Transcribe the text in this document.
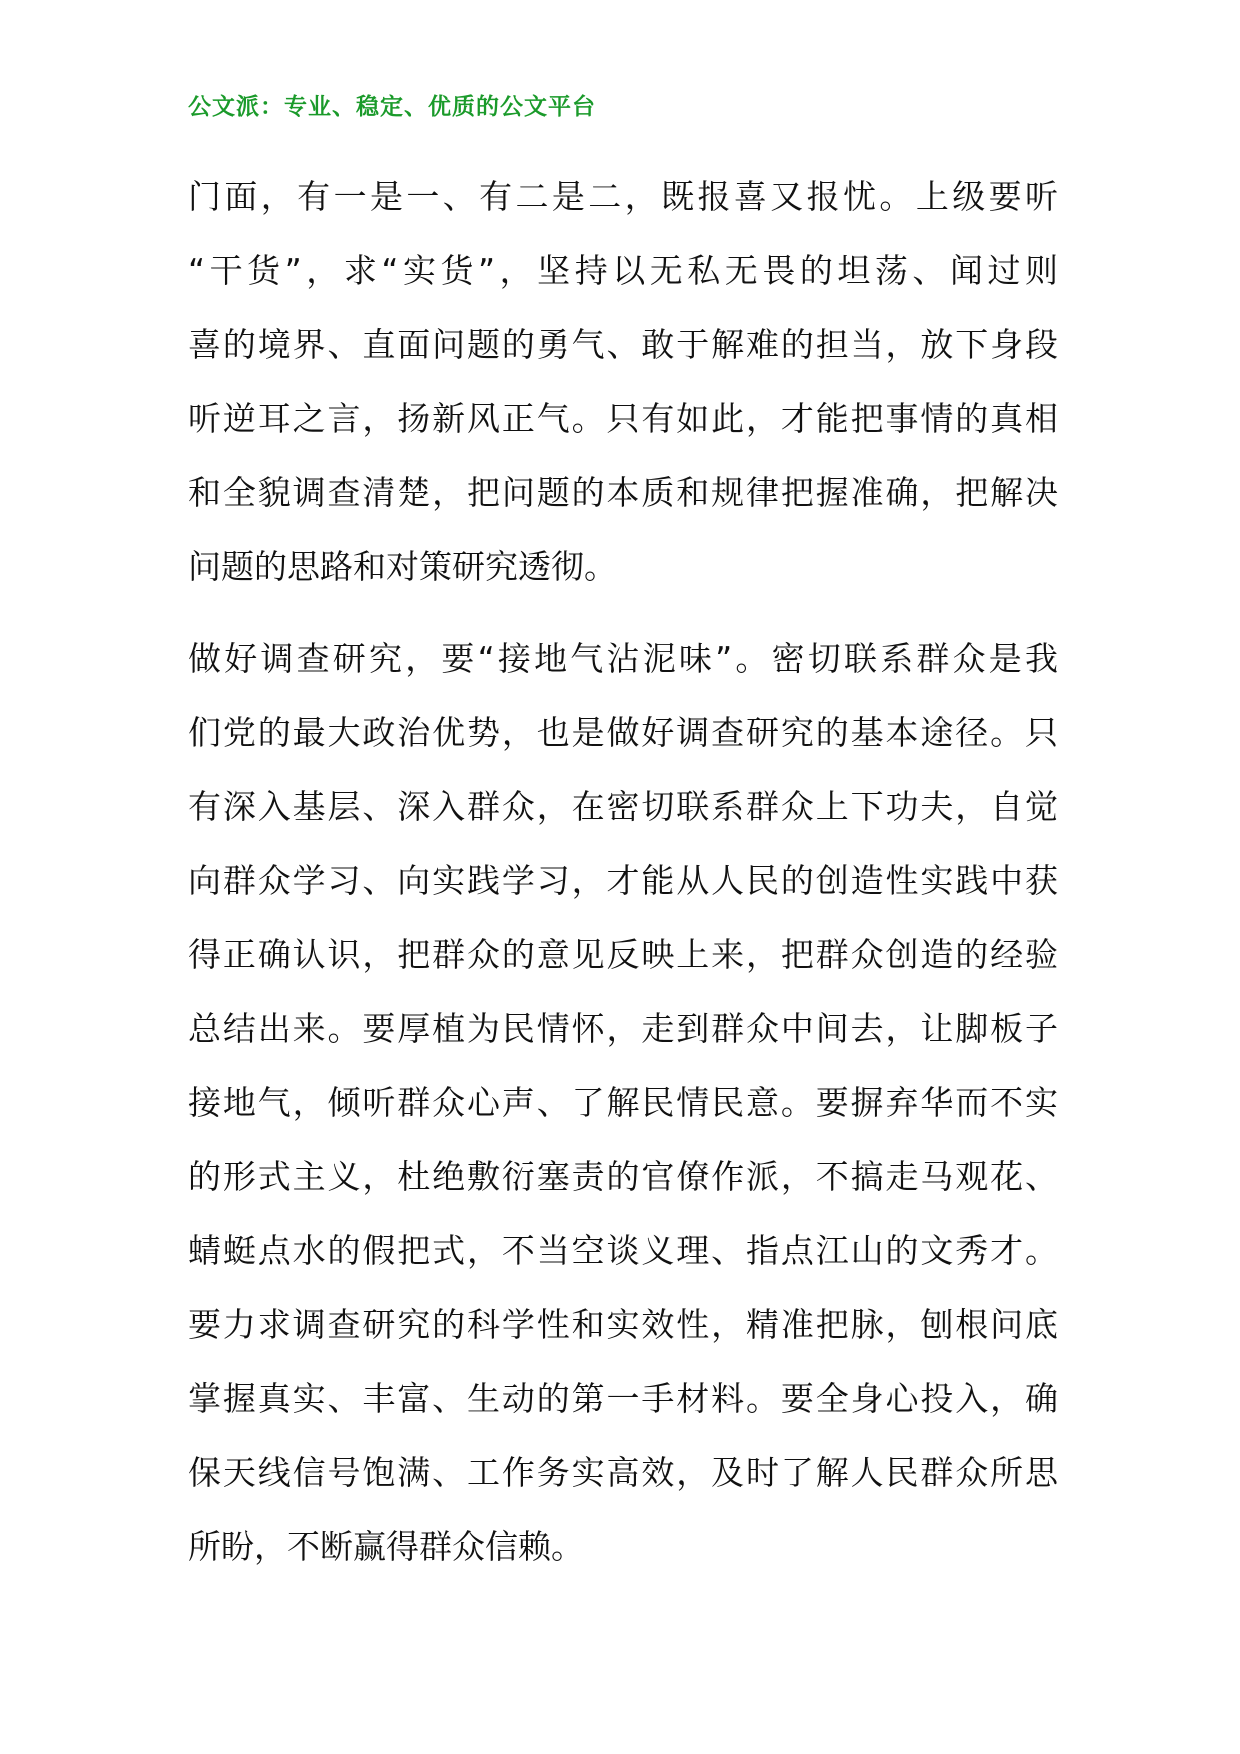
公文派：专业、稳定、优质的公文平台
门面，有一是一、有二是二，既报喜又报忧。上级要听
“干货”，求“实货”，坚持以无私无畏的坦荡、闻过则
喜的境界、直面问题的勇气、敢于解难的担当，放下身段
听逆耳之言，扬新风正气。只有如此，才能把事情的真相
和全貌调查清楚，把问题的本质和规律把握准确，把解决
问题的思路和对策研究透彻。
做好调查研究，要“接地气沾泥味”。密切联系群众是我
们党的最大政治优势，也是做好调查研究的基本途径。只
有深入基层、深入群众，在密切联系群众上下功夫，自觉
向群众学习、向实践学习，才能从人民的创造性实践中获
得正确认识，把群众的意见反映上来，把群众创造的经验
总结出来。要厚植为民情怀，走到群众中间去，让脚板子
接地气，倾听群众心声、了解民情民意。要摒弃华而不实
的形式主义，杜绝敷衍塞责的官僚作派，不搞走马观花、
蜻蜓点水的假把式，不当空谈义理、指点江山的文秀才。
要力求调查研究的科学性和实效性，精准把脉，刨根问底
掌握真实、丰富、生动的第一手材料。要全身心投入，确
保天线信号饱满、工作务实高效，及时了解人民群众所思
所盼，不断赢得群众信赖。
